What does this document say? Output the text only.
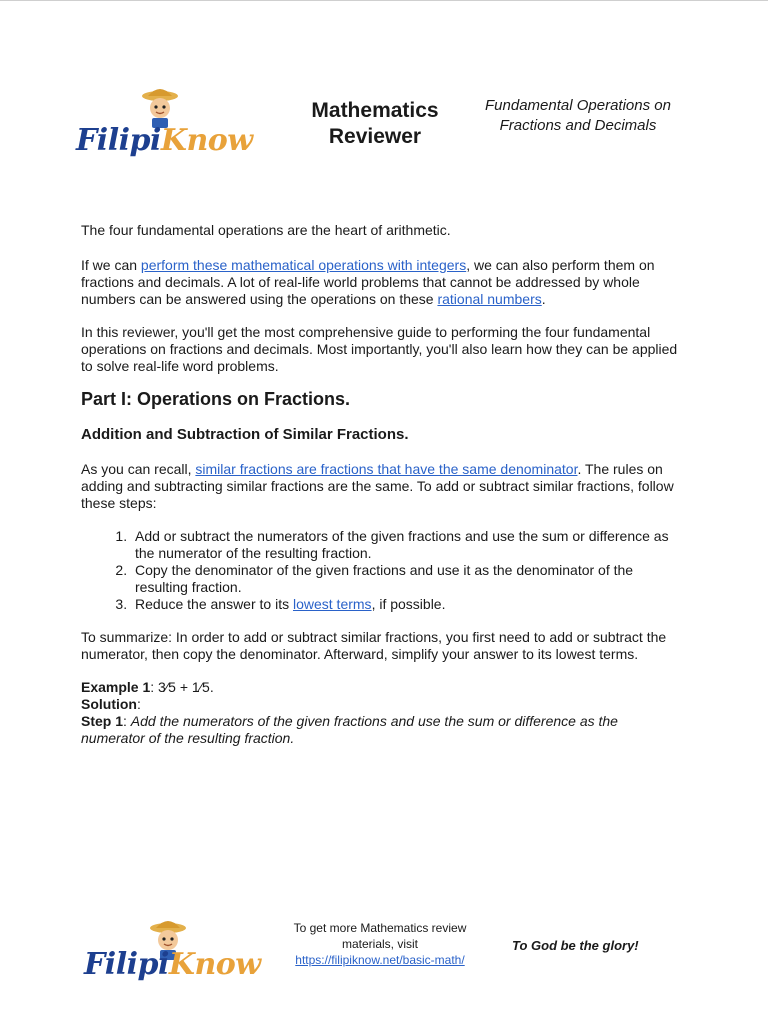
FilipiKnow
Mathematics
Reviewer
Fundamental Operations on
Fractions and Decimals

The four fundamental operations are the heart of arithmetic.

If we can perform these mathematical operations with integers, we can also perform them on fractions and decimals. A lot of real-life world problems that cannot be addressed by whole numbers can be answered using the operations on these rational numbers.

In this reviewer, you'll get the most comprehensive guide to performing the four fundamental operations on fractions and decimals. Most importantly, you'll also learn how they can be applied to solve real-life word problems.

Part I: Operations on Fractions.
Addition and Subtraction of Similar Fractions.

As you can recall, similar fractions are fractions that have the same denominator. The rules on adding and subtracting similar fractions are the same. To add or subtract similar fractions, follow these steps:

1. Add or subtract the numerators of the given fractions and use the sum or difference as the numerator of the resulting fraction.
2. Copy the denominator of the given fractions and use it as the denominator of the resulting fraction.
3. Reduce the answer to its lowest terms, if possible.

To summarize: In order to add or subtract similar fractions, you first need to add or subtract the numerator, then copy the denominator. Afterward, simplify your answer to its lowest terms.

Example 1: 3⁄5 + 1⁄5.

Solution:

Step 1: Add the numerators of the given fractions and use the sum or difference as the numerator of the resulting fraction.

FilipiKnow
To get more Mathematics review
materials, visit
https://filipiknow.net/basic-math/
To God be the glory!
